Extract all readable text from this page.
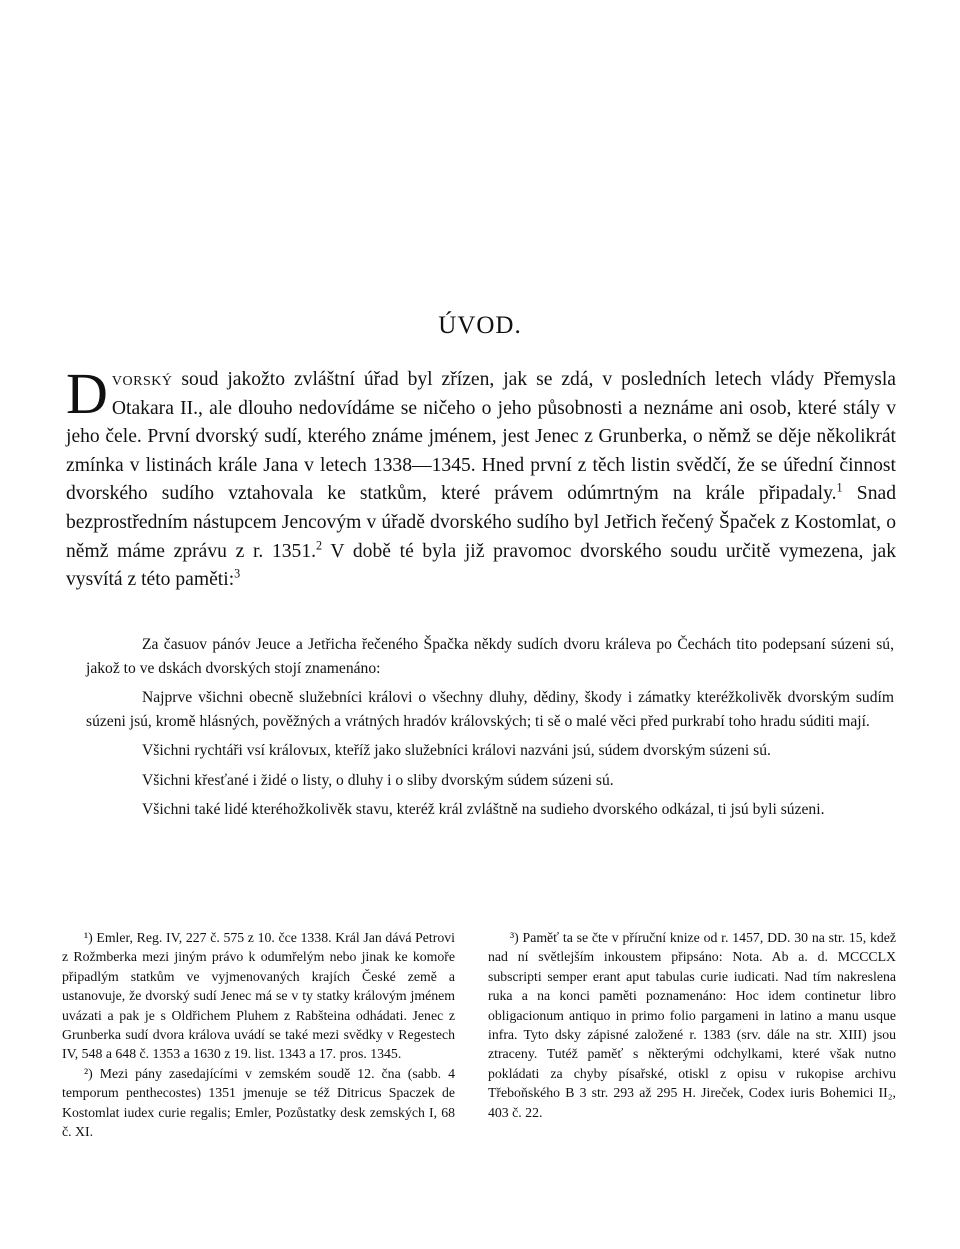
ÚVOD.

Dvorský soud jakožto zvláštní úřad byl zřízen, jak se zdá, v posledních letech vlády Přemysla Otakara II., ale dlouho nedovídáme se ničeho o jeho působnosti a neznáme ani osob, které stály v jeho čele. První dvorský sudí, kterého známe jménem, jest Jenec z Grunberka, o němž se děje několikrát zmínka v listinách krále Jana v letech 1338—1345. Hned první z těch listin svědčí, že se úřední činnost dvorského sudího vztahovala ke statkům, které právem odúmrtným na krále připadaly.$^1$ Snad bezprostředním nástupcem Jencovým v úřadě dvorského sudího byl Jetřich řečený Špaček z Kostomlat, o němž máme zprávu z r. 1351.$^2$ V době té byla již pravomoc dvorského soudu určitě vymezena, jak vysvítá z této paměti:$^3$

Za časuov pánóv Jeuce a Jetřicha řečeného Špačka někdy sudích dvoru králeva po Čechách tito podepsaní súzeni sú, jakož to ve dskách dvorských stojí znamenáno:

Najprve všichni obecně služebníci královi o všechny dluhy, dědiny, škody i zámatky kteréžkolivěk dvorským sudím súzeni jsú, kromě hlásných, pověžných a vrátných hradóv královských; ti sě o malé věci před purkrabí toho hradu súditi mají.

Všichni rychtáři vsí královых, kteříž jako služebníci královi nazváni jsú, súdem dvorským súzeni sú.

Všichni křesťané i židé o listy, o dluhy i o sliby dvorským súdem súzeni sú.

Všichni také lidé kteréhožkolivěk stavu, kteréž král zvláštně na sudieho dvorského odkázal, ti jsú byli súzeni.

¹) Emler, Reg. IV, 227 č. 575 z 10. čce 1338. Král Jan dává Petrovi z Rožmberka mezi jiným právo k odumřelým nebo jinak ke komoře připadlým statkům ve vyjmenovaných krajích České země a ustanovuje, že dvorský sudí Jenec má se v ty statky královým jménem uvázati a pak je s Oldřichem Pluhem z Rabšteina odhádati. Jenec z Grunberka sudí dvora králova uvádí se také mezi svědky v Regestech IV, 548 a 648 č. 1353 a 1630 z 19. list. 1343 a 17. pros. 1345.

²) Mezi pány zasedajícími v zemském soudě 12. čna (sabb. 4 temporum penthecostes) 1351 jmenuje se též Ditricus Spaczek de Kostomlat iudex curie regalis; Emler, Pozůstatky desk zemských I, 68 č. XI.

³) Paměť ta se čte v příruční knize od r. 1457, DD. 30 na str. 15, kdež nad ní světlejším inkoustem připsáno: Nota. Ab a. d. MCCCLX subscripti semper erant aput tabulas curie iudicati. Nad tím nakreslena ruka a na konci paměti poznamenáno: Hoc idem continetur libro obligacionum antiquo in primo folio pargameni in latino a manu usque infra. Tyto dsky zápisné založené r. 1383 (srv. dále na str. XIII) jsou ztraceny. Tutéž paměť s některými odchylkami, které však nutno pokládati za chyby písařské, otiskl z opisu v rukopise archivu Třeboňského B 3 str. 293 až 295 H. Jireček, Codex iuris Bohemici II₂, 403 č. 22.
